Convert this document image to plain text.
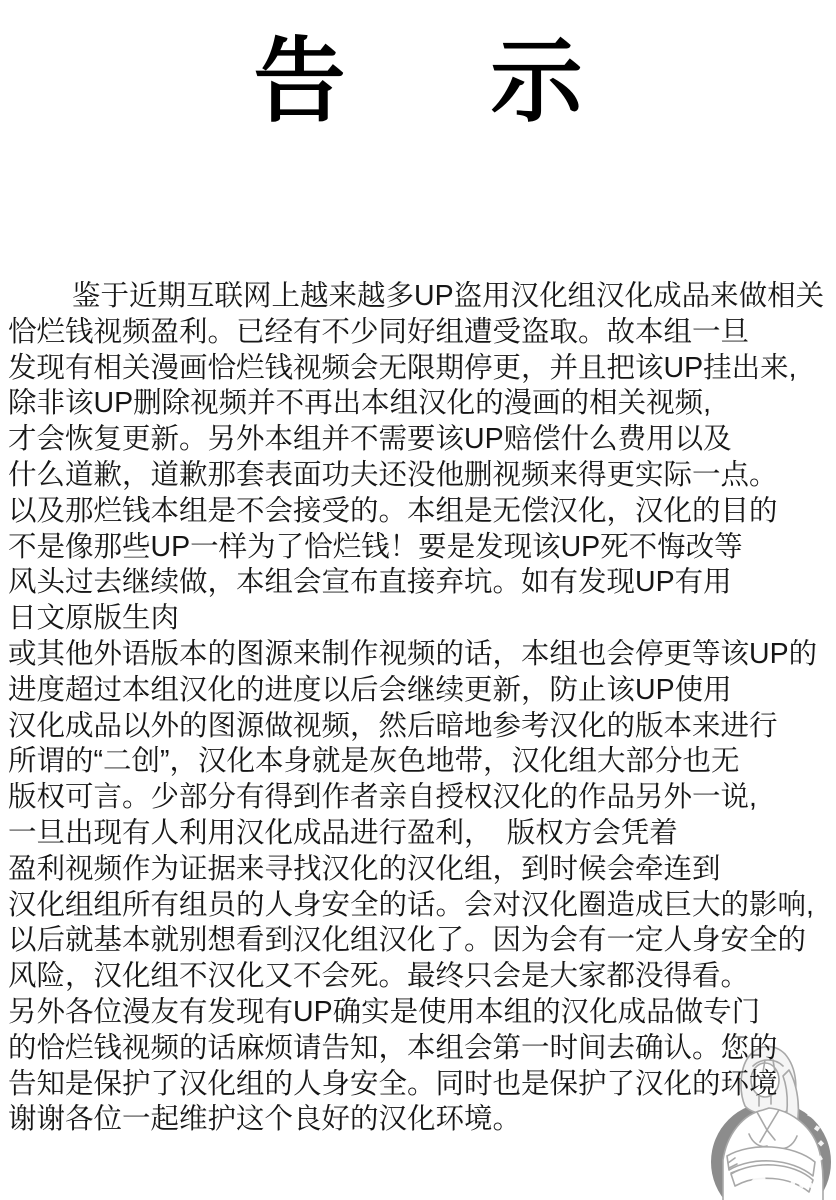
告 示
鉴于近期互联网上越来越多UP盗用汉化组汉化成品来做相关
恰烂钱视频盈利。已经有不少同好组遭受盗取。故本组一旦
发现有相关漫画恰烂钱视频会无限期停更，并且把该UP挂出来,
除非该UP删除视频并不再出本组汉化的漫画的相关视频,
才会恢复更新。另外本组并不需要该UP赔偿什么费用以及
什么道歉，道歉那套表面功夫还没他删视频来得更实际一点。
以及那烂钱本组是不会接受的。本组是无偿汉化，汉化的目的
不是像那些UP一样为了恰烂钱！要是发现该UP死不悔改等
风头过去继续做，本组会宣布直接弃坑。如有发现UP有用
日文原版生肉
或其他外语版本的图源来制作视频的话，本组也会停更等该UP的
进度超过本组汉化的进度以后会继续更新，防止该UP使用
汉化成品以外的图源做视频，然后暗地参考汉化的版本来进行
所谓的“二创”，汉化本身就是灰色地带，汉化组大部分也无
版权可言。少部分有得到作者亲自授权汉化的作品另外一说,
一旦出现有人利用汉化成品进行盈利，　版权方会凭着
盈利视频作为证据来寻找汉化的汉化组，到时候会牵连到
汉化组组所有组员的人身安全的话。会对汉化圈造成巨大的影响,
以后就基本就别想看到汉化组汉化了。因为会有一定人身安全的
风险，汉化组不汉化又不会死。最终只会是大家都没得看。
另外各位漫友有发现有UP确实是使用本组的汉化成品做专门
的恰烂钱视频的话麻烦请告知，本组会第一时间去确认。您的
告知是保护了汉化组的人身安全。同时也是保护了汉化的环境
谢谢各位一起维护这个良好的汉化环境。
